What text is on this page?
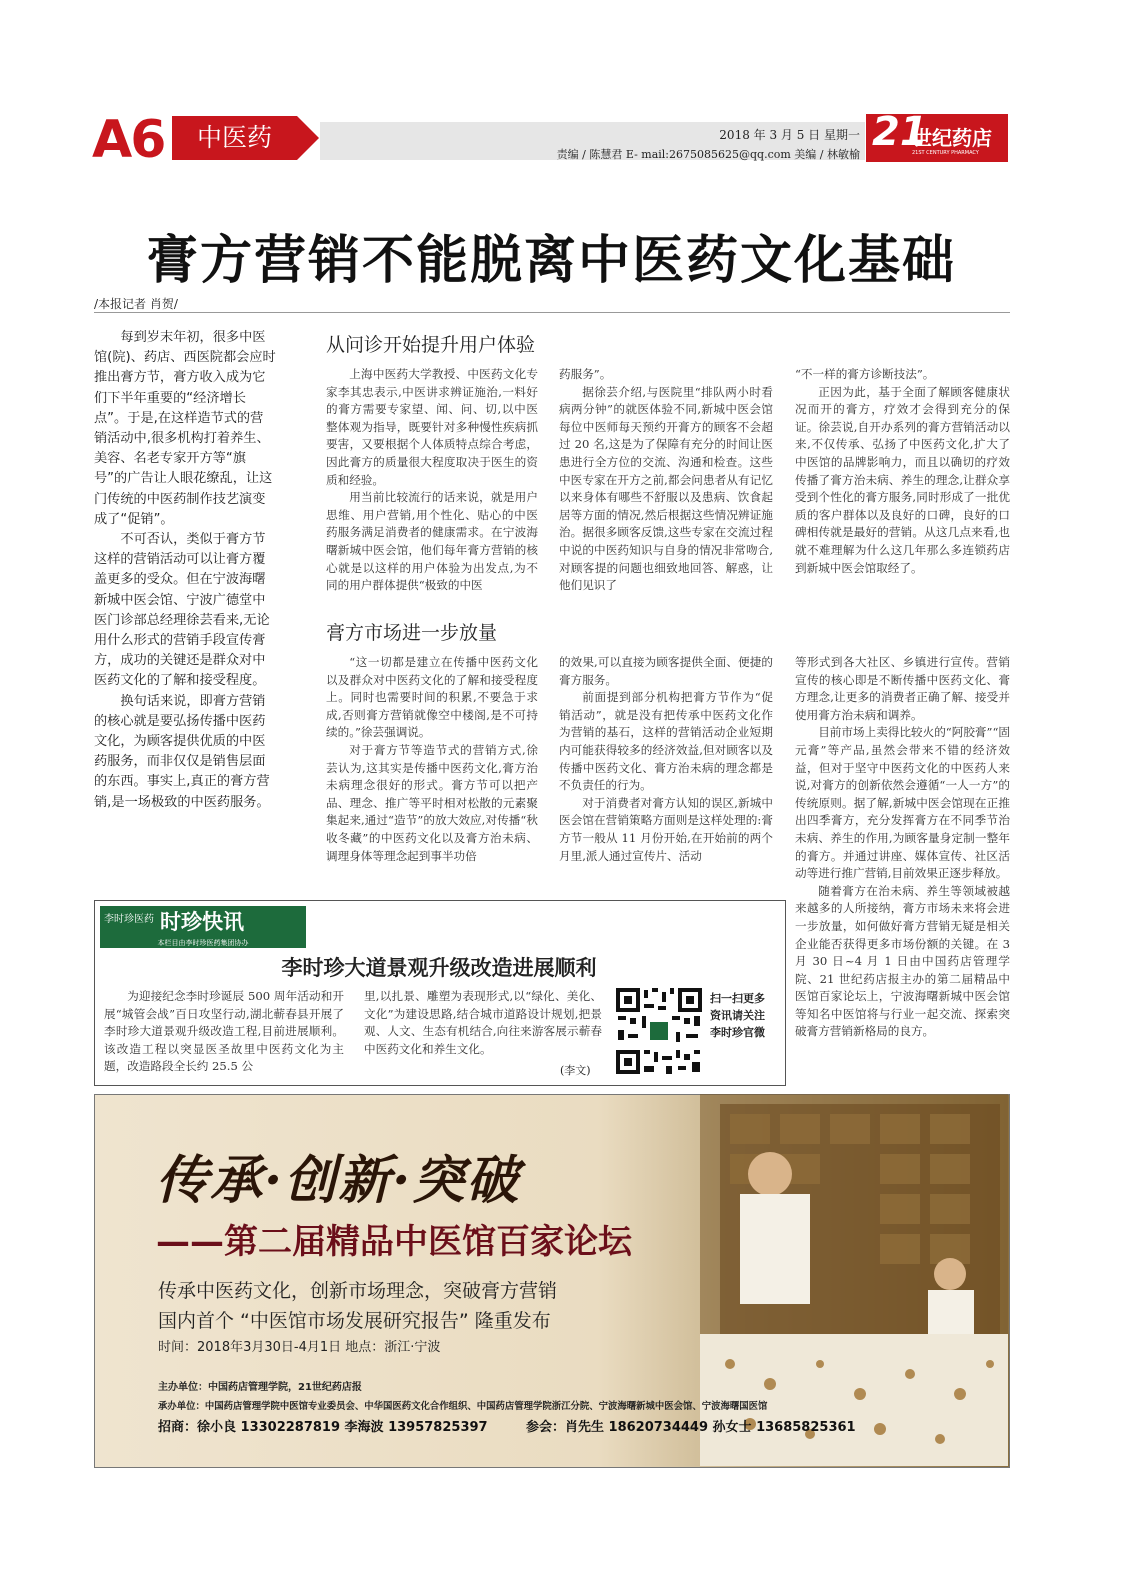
A6	中医药	2018 年 3 月 5 日 星期一
责编 / 陈慧君 E- mail:2675085625@qq.com 美编 / 林敏榆 21
世纪药店
21ST CENTURY PHARMACY
膏方营销不能脱离中医药文化基础
/本报记者 肖贺/

每到岁末年初，很多中医馆(院)、药店、西医院都会应时推出膏方节，膏方收入成为它们下半年重要的“经济增长点”。于是,在这样造节式的营销活动中,很多机构打着养生、美容、名老专家开方等“旗号”的广告让人眼花缭乱，让这门传统的中医药制作技艺演变成了“促销”。

不可否认，类似于膏方节这样的营销活动可以让膏方覆盖更多的受众。但在宁波海曙新城中医会馆、宁波广德堂中医门诊部总经理徐芸看来,无论用什么形式的营销手段宣传膏方，成功的关键还是群众对中医药文化的了解和接受程度。

换句话来说，即膏方营销的核心就是要弘扬传播中医药文化，为顾客提供优质的中医药服务，而非仅仅是销售层面的东西。事实上,真正的膏方营销,是一场极致的中医药服务。

从问诊开始提升用户体验

上海中医药大学教授、中医药文化专家李其忠表示,中医讲求辨证施治,一料好的膏方需要专家望、闻、问、切,以中医整体观为指导，既要针对多种慢性疾病抓要害，又要根据个人体质特点综合考虑，因此膏方的质量很大程度取决于医生的资质和经验。

用当前比较流行的话来说，就是用户思维、用户营销,用个性化、贴心的中医药服务满足消费者的健康需求。在宁波海曙新城中医会馆，他们每年膏方营销的核心就是以这样的用户体验为出发点,为不同的用户群体提供“极致的中医

药服务”。

据徐芸介绍,与医院里“排队两小时看病两分钟”的就医体验不同,新城中医会馆每位中医师每天预约开膏方的顾客不会超过 20 名,这是为了保障有充分的时间让医患进行全方位的交流、沟通和检查。这些中医专家在开方之前,都会问患者从有记忆以来身体有哪些不舒服以及患病、饮食起居等方面的情况,然后根据这些情况辨证施治。据很多顾客反馈,这些专家在交流过程中说的中医药知识与自身的情况非常吻合,对顾客提的问题也细致地回答、解惑，让他们见识了

“不一样的膏方诊断技法”。

正因为此，基于全面了解顾客健康状况而开的膏方，疗效才会得到充分的保证。徐芸说,自开办系列的膏方营销活动以来,不仅传承、弘扬了中医药文化,扩大了中医馆的品牌影响力，而且以确切的疗效传播了膏方治未病、养生的理念,让群众享受到个性化的膏方服务,同时形成了一批优质的客户群体以及良好的口碑，良好的口碑相传就是最好的营销。从这几点来看,也就不难理解为什么这几年那么多连锁药店到新城中医会馆取经了。

膏方市场进一步放量

“这一切都是建立在传播中医药文化以及群众对中医药文化的了解和接受程度上。同时也需要时间的积累,不要急于求成,否则膏方营销就像空中楼阁,是不可持续的。”徐芸强调说。

对于膏方节等造节式的营销方式,徐芸认为,这其实是传播中医药文化,膏方治未病理念很好的形式。膏方节可以把产品、理念、推广等平时相对松散的元素聚集起来,通过“造节”的放大效应,对传播“秋收冬藏”的中医药文化以及膏方治未病、调理身体等理念起到事半功倍

的效果,可以直接为顾客提供全面、便捷的膏方服务。

前面提到部分机构把膏方节作为“促销活动”，就是没有把传承中医药文化作为营销的基石，这样的营销活动企业短期内可能获得较多的经济效益,但对顾客以及传播中医药文化、膏方治未病的理念都是不负责任的行为。

对于消费者对膏方认知的误区,新城中医会馆在营销策略方面则是这样处理的:膏方节一般从 11 月份开始,在开始前的两个月里,派人通过宣传片、活动

等形式到各大社区、乡镇进行宣传。营销宣传的核心即是不断传播中医药文化、膏方理念,让更多的消费者正确了解、接受并使用膏方治未病和调养。

目前市场上卖得比较火的“阿胶膏”“固元膏”等产品,虽然会带来不错的经济效益，但对于坚守中医药文化的中医药人来说,对膏方的创新依然会遵循“一人一方”的传统原则。据了解,新城中医会馆现在正推出四季膏方，充分发挥膏方在不同季节治未病、养生的作用,为顾客量身定制一整年的膏方。并通过讲座、媒体宣传、社区活动等进行推广营销,目前效果正逐步释放。

随着膏方在治未病、养生等领域被越来越多的人所接纳，膏方市场未来将会进一步放量，如何做好膏方营销无疑是相关企业能否获得更多市场份额的关键。在 3 月 30 日~4 月 1 日由中国药店管理学院、21 世纪药店报主办的第二届精品中医馆百家论坛上，宁波海曙新城中医会馆等知名中医馆将与行业一起交流、探索突破膏方营销新格局的良方。

李时珍医药 时珍快讯
本栏目由李时珍医药集团协办
李时珍大道景观升级改造进展顺利

为迎接纪念李时珍诞辰 500 周年活动和开展“城管会战”百日攻坚行动,湖北蕲春县开展了李时珍大道景观升级改造工程,目前进展顺利。该改造工程以突显医圣故里中医药文化为主题，改造路段全长约 25.5 公

里,以扎景、雕塑为表现形式,以“绿化、美化、文化”为建设思路,结合城市道路设计规划,把景观、人文、生态有机结合,向往来游客展示蕲春中医药文化和养生文化。

(李文)
扫一扫更多资讯请关注李时珍官微
传承·创新·突破
——第二届精品中医馆百家论坛
传承中医药文化，创新市场理念，突破膏方营销
国内首个 “中医馆市场发展研究报告” 隆重发布
时间：2018年3月30日-4月1日 地点：浙江·宁波
主办单位：中国药店管理学院，21世纪药店报
承办单位：中国药店管理学院中医馆专业委员会、中华国医药文化合作组织、中国药店管理学院浙江分院、宁波海曙新城中医会馆、宁波海曙国医馆
招商：徐小良 13302287819 李海波 13957825397	参会：肖先生 18620734449 孙女士 13685825361
